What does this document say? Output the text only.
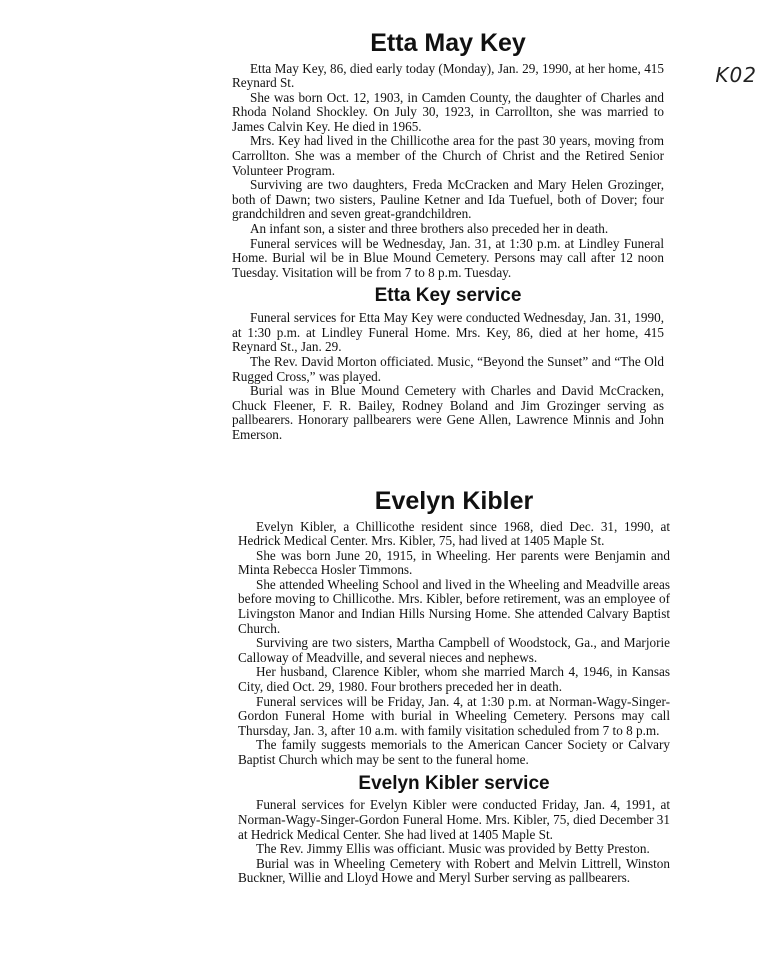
K02
Etta May Key

Etta May Key, 86, died early today (Monday), Jan. 29, 1990, at her home, 415 Reynard St.

She was born Oct. 12, 1903, in Camden County, the daughter of Charles and Rhoda Noland Shockley. On July 30, 1923, in Carrollton, she was married to James Calvin Key. He died in 1965.

Mrs. Key had lived in the Chillicothe area for the past 30 years, moving from Carrollton. She was a member of the Church of Christ and the Retired Senior Volunteer Program.

Surviving are two daughters, Freda McCracken and Mary Helen Grozinger, both of Dawn; two sisters, Pauline Ketner and Ida Tuefuel, both of Dover; four grandchildren and seven great-grandchildren.

An infant son, a sister and three brothers also preceded her in death.

Funeral services will be Wednesday, Jan. 31, at 1:30 p.m. at Lindley Funeral Home. Burial wil be in Blue Mound Cemetery. Persons may call after 12 noon Tuesday. Visitation will be from 7 to 8 p.m. Tuesday.

Etta Key service

Funeral services for Etta May Key were conducted Wednesday, Jan. 31, 1990, at 1:30 p.m. at Lindley Funeral Home. Mrs. Key, 86, died at her home, 415 Reynard St., Jan. 29.

The Rev. David Morton officiated. Music, “Beyond the Sunset” and “The Old Rugged Cross,” was played.

Burial was in Blue Mound Cemetery with Charles and David McCracken, Chuck Fleener, F. R. Bailey, Rodney Boland and Jim Grozinger serving as pallbearers. Honorary pallbearers were Gene Allen, Lawrence Minnis and John Emerson.

Evelyn Kibler

Evelyn Kibler, a Chillicothe resident since 1968, died Dec. 31, 1990, at Hedrick Medical Center. Mrs. Kibler, 75, had lived at 1405 Maple St.

She was born June 20, 1915, in Wheeling. Her parents were Benjamin and Minta Rebecca Hosler Timmons.

She attended Wheeling School and lived in the Wheeling and Meadville areas before moving to Chillicothe. Mrs. Kibler, before retirement, was an employee of Livingston Manor and Indian Hills Nursing Home. She attended Calvary Baptist Church.

Surviving are two sisters, Martha Campbell of Woodstock, Ga., and Marjorie Calloway of Meadville, and several nieces and nephews.

Her husband, Clarence Kibler, whom she married March 4, 1946, in Kansas City, died Oct. 29, 1980. Four brothers preceded her in death.

Funeral services will be Friday, Jan. 4, at 1:30 p.m. at Norman-Wagy-Singer-Gordon Funeral Home with burial in Wheeling Cemetery. Persons may call Thursday, Jan. 3, after 10 a.m. with family visitation scheduled from 7 to 8 p.m.

The family suggests memorials to the American Cancer Society or Calvary Baptist Church which may be sent to the funeral home.

Evelyn Kibler service

Funeral services for Evelyn Kibler were conducted Friday, Jan. 4, 1991, at Norman-Wagy-Singer-Gordon Funeral Home. Mrs. Kibler, 75, died December 31 at Hedrick Medical Center. She had lived at 1405 Maple St.

The Rev. Jimmy Ellis was officiant. Music was provided by Betty Preston.

Burial was in Wheeling Cemetery with Robert and Melvin Littrell, Winston Buckner, Willie and Lloyd Howe and Meryl Surber serving as pallbearers.
